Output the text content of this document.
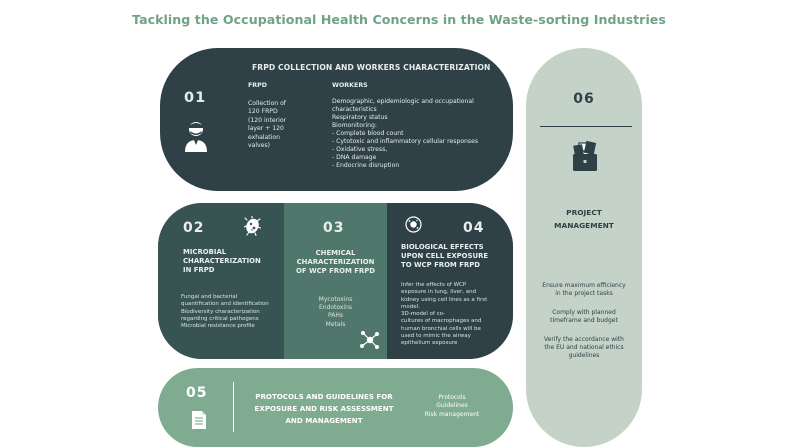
Tackling the Occupational Health Concerns in the Waste-sorting Industries
FRPD COLLECTION AND WORKERS CHARACTERIZATION
01
FRPD
Collection of
120 FRPD
(120 interior
layer + 120
exhalation
valves)
WORKERS
Demographic, epidemiologic and occupational
characteristics
Respiratory status
Biomonitoring:
- Complete blood count
- Cytotoxic and inflammatory cellular responses
- Oxidative stress,
- DNA damage
- Endocrine disruption
02
MICROBIAL
CHARACTERIZATION
IN FRPD
Fungal and bacterial
quantification and identification
Biodiversity characterization
regarding critical pathogens
Microbial resistance profile
03
CHEMICAL
CHARACTERIZATION
OF WCP FROM FRPD
Mycotoxins
Endotoxins
PAHs
Metals
04
BIOLOGICAL EFFECTS
UPON CELL EXPOSURE
TO WCP FROM FRPD
Infer the effects of WCP
exposure in lung, liver, and
kidney using cell lines as a first
model.
3D-model of co-
cultures of macrophages and
human bronchial cells will be
used to mimic the airway
epithelium exposure
05	PROTOCOLS AND GUIDELINES FOR
EXPOSURE AND RISK ASSESSMENT
AND MANAGEMENT
Protocols
Guidelines
Risk management
06
PROJECT
MANAGEMENT
Ensure maximum efficiency
in the project tasks
Comply with planned
timeframe and budget
Verify the accordance with
the EU and national ethics
guidelines
